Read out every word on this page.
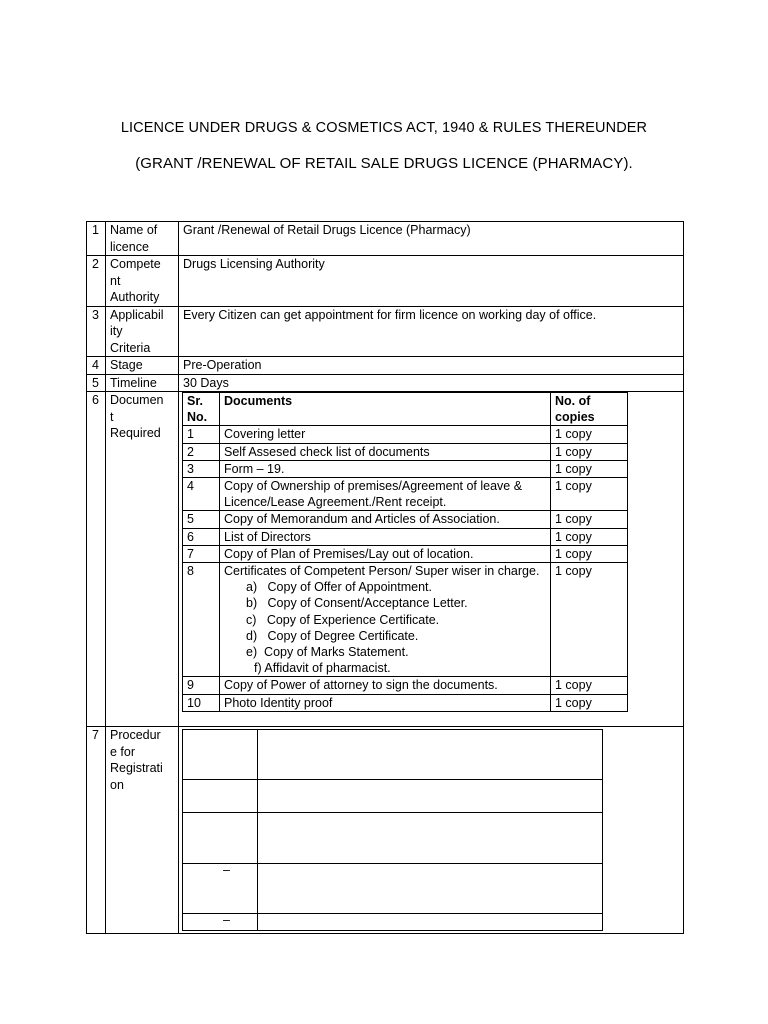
LICENCE UNDER DRUGS & COSMETICS ACT, 1940 & RULES THEREUNDER
(GRANT /RENEWAL OF RETAIL SALE DRUGS LICENCE (PHARMACY).
1	Name of licence	Grant /Renewal of Retail Drugs Licence (Pharmacy)
2	Compete
nt
Authority	Drugs Licensing Authority
3	Applicabil
ity
Criteria	Every Citizen can get appointment for firm licence on working day of office.
4	Stage	Pre-Operation
5	Timeline	30 Days
6	Documen
t
Required	
Sr. No.	Documents	No. of copies
1	Covering letter	1 copy
2	Self Assesed check list of documents	1 copy
3	Form – 19.	1 copy
4	Copy of Ownership of premises/Agreement of leave & Licence/Lease Agreement./Rent receipt.	1 copy
5	Copy of Memorandum and Articles of Association.	1 copy
6	List of Directors	1 copy
7	Copy of Plan of Premises/Lay out of location.	1 copy
8	Certificates of Competent Person/ Super wiser in charge.
a)   Copy of Offer of Appointment.
b)   Copy of Consent/Acceptance Letter.
c)   Copy of Experience Certificate.
d)   Copy of Degree Certificate.
e)  Copy of Marks Statement.
f) Affidavit of pharmacist.
	1 copy
9	Copy of Power of attorney to sign the documents.	1 copy
10	Photo Identity proof	1 copy

7	Procedur
e for
Registrati
on	

–

–
